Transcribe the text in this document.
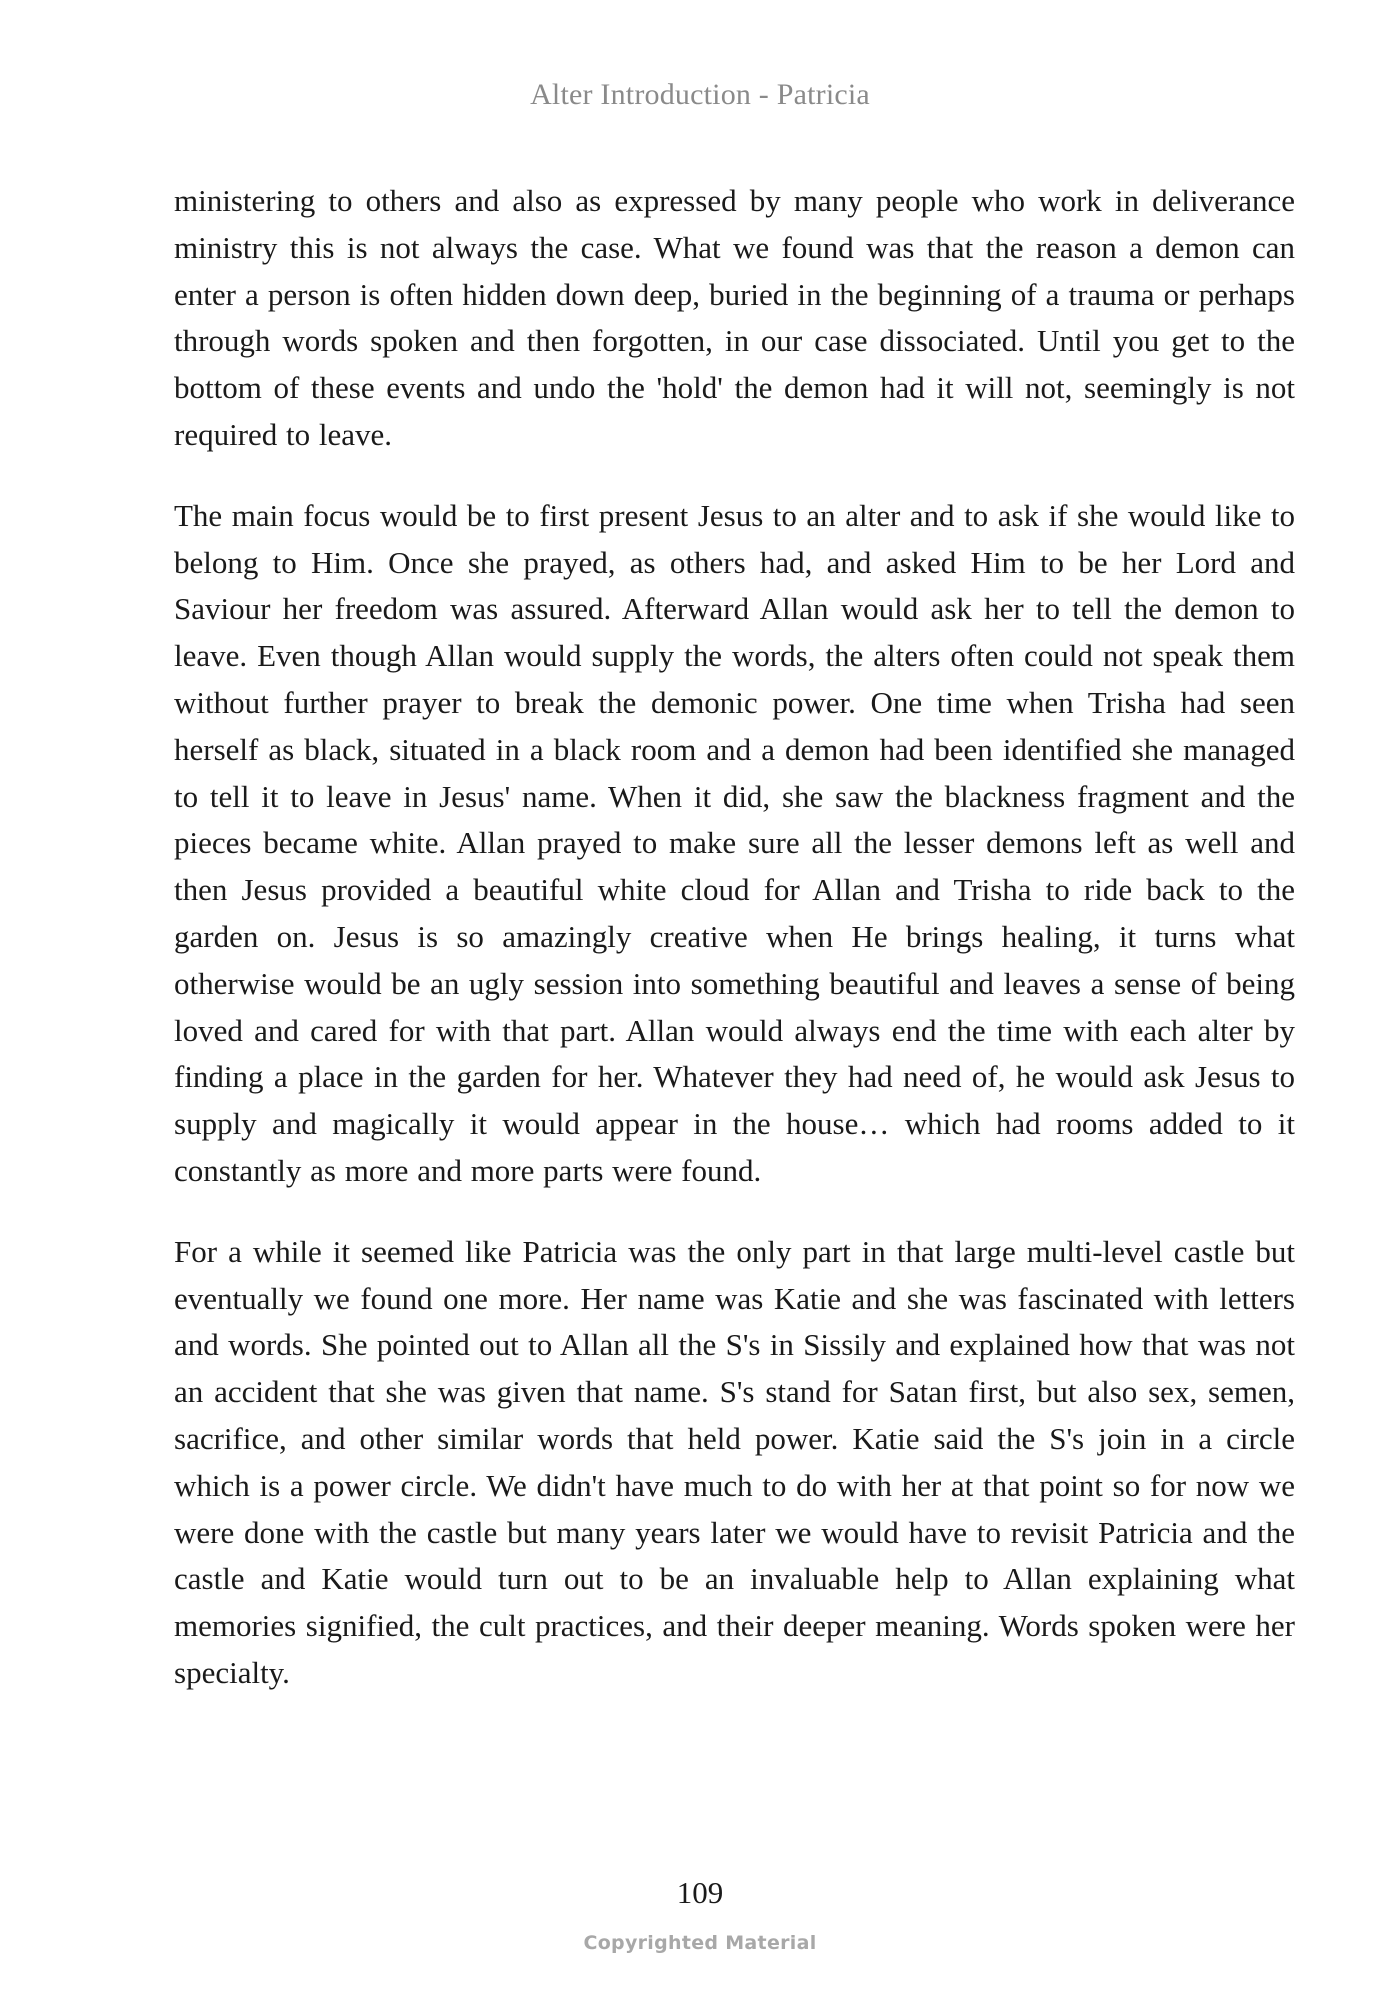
Alter Introduction - Patricia

ministering to others and also as expressed by many people who work in deliverance ministry this is not always the case. What we found was that the reason a demon can enter a person is often hidden down deep, buried in the beginning of a trauma or perhaps through words spoken and then forgotten, in our case dissociated. Until you get to the bottom of these events and undo the 'hold' the demon had it will not, seemingly is not required to leave.

The main focus would be to first present Jesus to an alter and to ask if she would like to belong to Him. Once she prayed, as others had, and asked Him to be her Lord and Saviour her freedom was assured. Afterward Allan would ask her to tell the demon to leave. Even though Allan would supply the words, the alters often could not speak them without further prayer to break the demonic power. One time when Trisha had seen herself as black, situated in a black room and a demon had been identified she managed to tell it to leave in Jesus' name. When it did, she saw the blackness fragment and the pieces became white. Allan prayed to make sure all the lesser demons left as well and then Jesus provided a beautiful white cloud for Allan and Trisha to ride back to the garden on. Jesus is so amazingly creative when He brings healing, it turns what otherwise would be an ugly session into something beautiful and leaves a sense of being loved and cared for with that part. Allan would always end the time with each alter by finding a place in the garden for her. Whatever they had need of, he would ask Jesus to supply and magically it would appear in the house… which had rooms added to it constantly as more and more parts were found.

For a while it seemed like Patricia was the only part in that large multi-level castle but eventually we found one more. Her name was Katie and she was fascinated with letters and words. She pointed out to Allan all the S's in Sissily and explained how that was not an accident that she was given that name. S's stand for Satan first, but also sex, semen, sacrifice, and other similar words that held power. Katie said the S's join in a circle which is a power circle. We didn't have much to do with her at that point so for now we were done with the castle but many years later we would have to revisit Patricia and the castle and Katie would turn out to be an invaluable help to Allan explaining what memories signified, the cult practices, and their deeper meaning. Words spoken were her specialty.

109
Copyrighted Material
